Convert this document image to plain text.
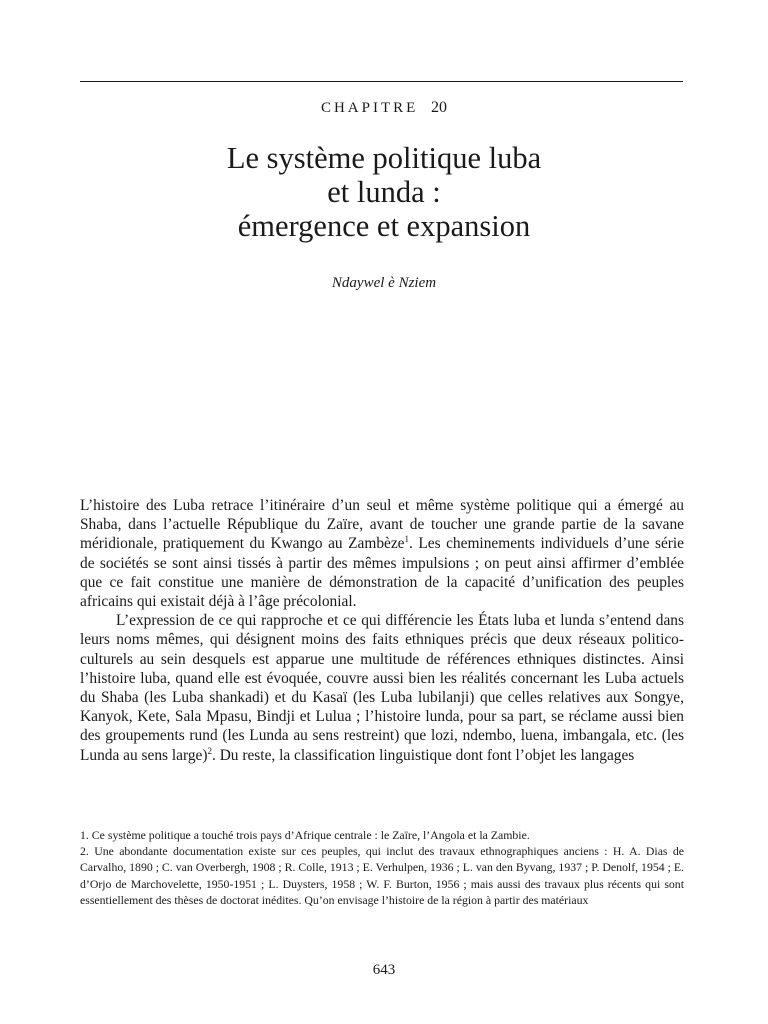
CHAPITRE 20
Le système politique luba
et lunda :
émergence et expansion
Ndaywel è Nziem

L’histoire des Luba retrace l’itinéraire d’un seul et même système politique qui a émergé au Shaba, dans l’actuelle République du Zaïre, avant de toucher une grande partie de la savane méridionale, pratiquement du Kwango au Zambèze$^1$. Les cheminements individuels d’une série de sociétés se sont ainsi tissés à partir des mêmes impulsions ; on peut ainsi affirmer d’emblée que ce fait constitue une manière de démonstration de la capacité d’unification des peuples africains qui existait déjà à l’âge précolonial.

L’expression de ce qui rapproche et ce qui différencie les États luba et lunda s’entend dans leurs noms mêmes, qui désignent moins des faits ethniques précis que deux réseaux politico-culturels au sein desquels est apparue une multitude de références ethniques distinctes. Ainsi l’histoire luba, quand elle est évoquée, couvre aussi bien les réalités concernant les Luba actuels du Shaba (les Luba shankadi) et du Kasaï (les Luba lubilanji) que celles relatives aux Songye, Kanyok, Kete, Sala Mpasu, Bindji et Lulua ; l’histoire lunda, pour sa part, se réclame aussi bien des groupements rund (les Lunda au sens restreint) que lozi, ndembo, luena, imbangala, etc. (les Lunda au sens large)$^2$. Du reste, la classification linguistique dont font l’objet les langages

1. Ce système politique a touché trois pays d’Afrique centrale : le Zaïre, l’Angola et la Zambie.

2. Une abondante documentation existe sur ces peuples, qui inclut des travaux ethnographiques anciens : H. A. Dias de Carvalho, 1890 ; C. van Overbergh, 1908 ; R. Colle, 1913 ; E. Verhulpen, 1936 ; L. van den Byvang, 1937 ; P. Denolf, 1954 ; E. d’Orjo de Marchovelette, 1950-1951 ; L. Duysters, 1958 ; W. F. Burton, 1956 ; mais aussi des travaux plus récents qui sont essentiellement des thèses de doctorat inédites. Qu’on envisage l’histoire de la région à partir des matériaux

643
